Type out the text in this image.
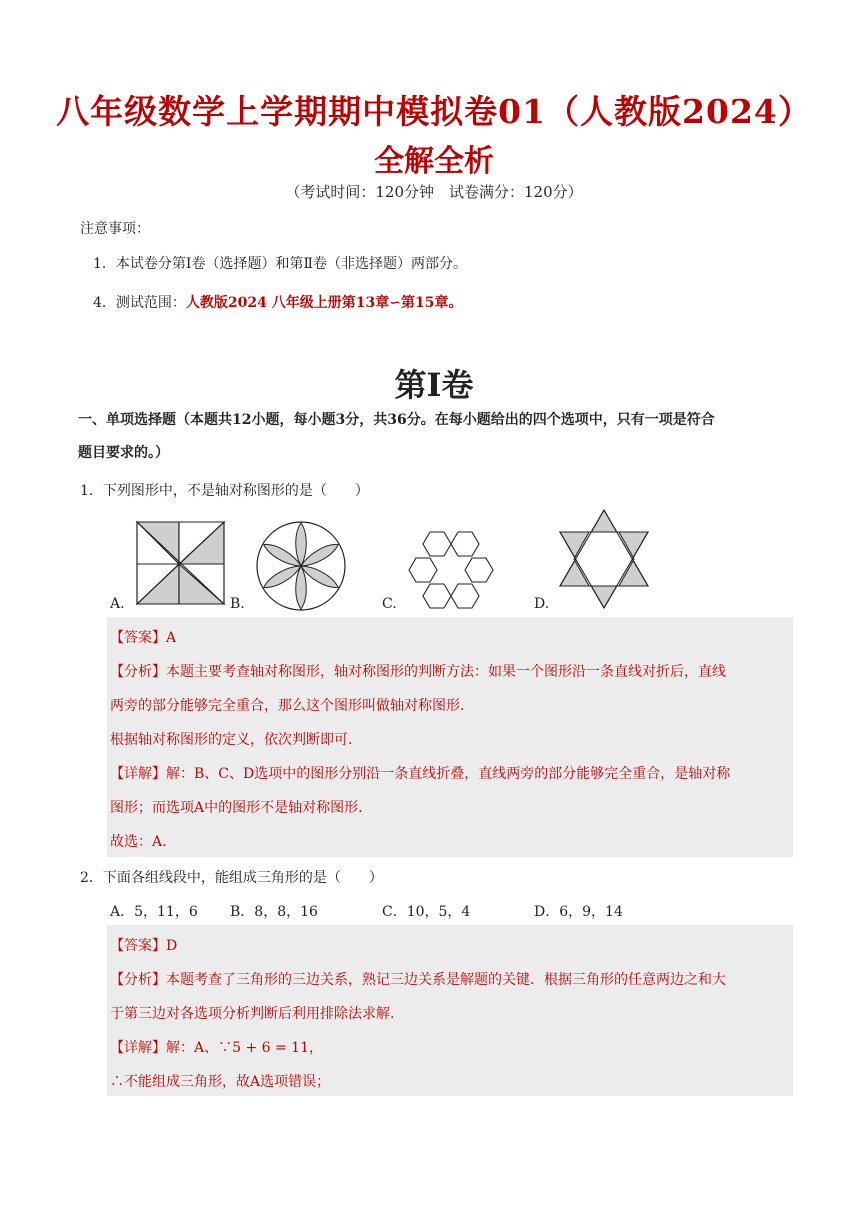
八年级数学上学期期中模拟卷01（人教版2024）
全解全析
（考试时间：120分钟　试卷满分：120分）
注意事项：
1．本试卷分第Ⅰ卷（选择题）和第Ⅱ卷（非选择题）两部分。
4．测试范围：人教版2024 八年级上册第13章∽第15章。
第Ⅰ卷
一、单项选择题（本题共12小题，每小题3分，共36分。在每小题给出的四个选项中，只有一项是符合
题目要求的。）
1．下列图形中，不是轴对称图形的是（　　）
A.	B.	C.	D.
【答案】A
【分析】本题主要考查轴对称图形，轴对称图形的判断方法：如果一个图形沿一条直线对折后，直线
两旁的部分能够完全重合，那么这个图形叫做轴对称图形.
根据轴对称图形的定义，依次判断即可.
【详解】解：B、C、D选项中的图形分别沿一条直线折叠，直线两旁的部分能够完全重合，是轴对称
图形；而选项A中的图形不是轴对称图形.
故选：A.
2．下面各组线段中，能组成三角形的是（　　）
A．5，11，6 B．8，8，16	C．10，5，4	D．6，9，14
【答案】D
【分析】本题考查了三角形的三边关系，熟记三边关系是解题的关键．根据三角形的任意两边之和大
于第三边对各选项分析判断后利用排除法求解.
【详解】解：A、∵5 + 6 = 11，
∴不能组成三角形，故A选项错误；
